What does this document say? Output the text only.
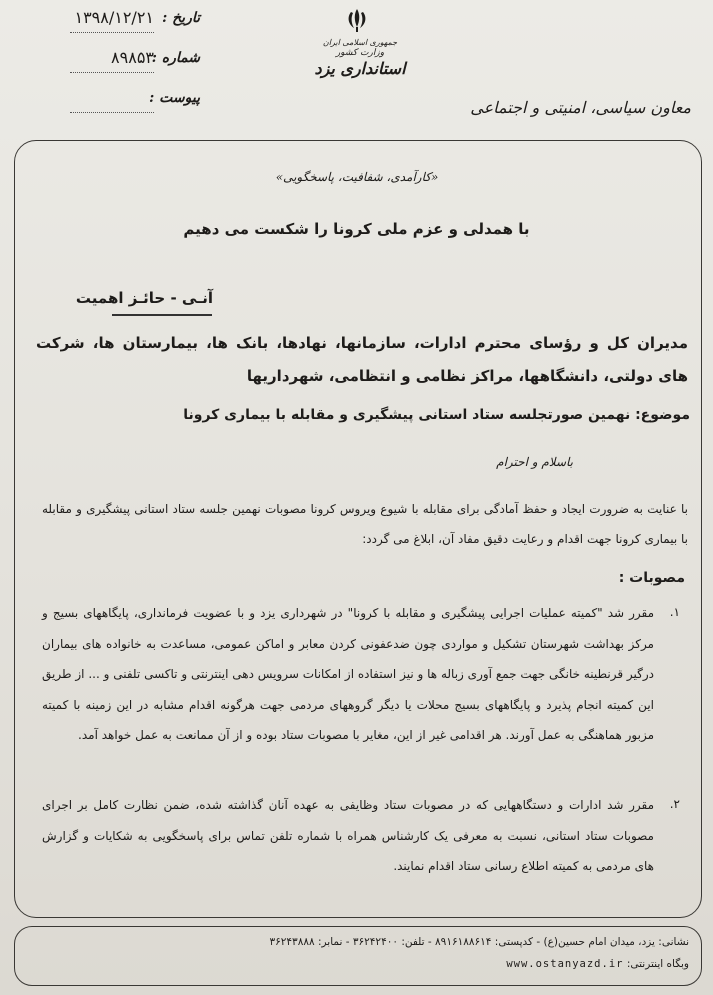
جمهوری اسلامی ایران
وزارت کشور
استانداری یزد
تاریخ :
۱۳۹۸/۱۲/۲۱
شماره :
۸۹۸۵۳
پیوست :	معاون سیاسی، امنیتی و اجتماعی
«کارآمدی، شفافیت، پاسخگویی»
با همدلی و عزم ملی کرونا را شکست می دهیم
آنـی - حائـز اهمیت
مدیران کل و رؤسای محترم ادارات، سازمانها، نهادها، بانک ها، بیمارستان ها، شرکت های دولتی، دانشگاهها، مراکز نظامی و انتظامی، شهرداریها
موضوع: نهمین صورتجلسه ستاد استانی پیشگیری و مقابله با بیماری کرونا
باسلام و احترام
با عنایت به ضرورت ایجاد و حفظ آمادگی برای مقابله با شیوع ویروس کرونا مصوبات نهمین جلسه ستاد استانی پیشگیری و مقابله با بیماری کرونا جهت اقدام و رعایت دقیق مفاد آن، ابلاغ می گردد:
مصوبات :
۱.
مقرر شد "کمیته عملیات اجرایی پیشگیری و مقابله با کرونا" در شهرداری یزد و با عضویت فرمانداری، پایگاههای بسیج و مرکز بهداشت شهرستان تشکیل و مواردی چون ضدعفونی کردن معابر و اماکن عمومی، مساعدت به خانواده های بیماران درگیر قرنطینه خانگی جهت جمع آوری زباله ها و نیز استفاده از امکانات سرویس دهی اینترنتی و تاکسی تلفنی و ... از طریق این کمیته انجام پذیرد و پایگاههای بسیج محلات یا دیگر گروههای مردمی جهت هرگونه اقدام مشابه در این زمینه با کمیته مزبور هماهنگی به عمل آورند. هر اقدامی غیر از این، مغایر با مصوبات ستاد بوده و از آن ممانعت به عمل خواهد آمد.
۲.
مقرر شد ادارات و دستگاههایی که در مصوبات ستاد وظایفی به عهده آنان گذاشته شده، ضمن نظارت کامل بر اجرای مصوبات ستاد استانی، نسبت به معرفی یک کارشناس همراه با شماره تلفن تماس برای پاسخگویی به شکایات و گزارش های مردمی به کمیته اطلاع رسانی ستاد اقدام نمایند.
نشانی: یزد، میدان امام حسین(ع) - کدپستی: ۸۹۱۶۱۸۸۶۱۴ - تلفن: ۳۶۲۴۲۴۰۰ - نمابر: ۳۶۲۴۳۸۸۸
وبگاه اینترنتی: www.ostanyazd.ir
